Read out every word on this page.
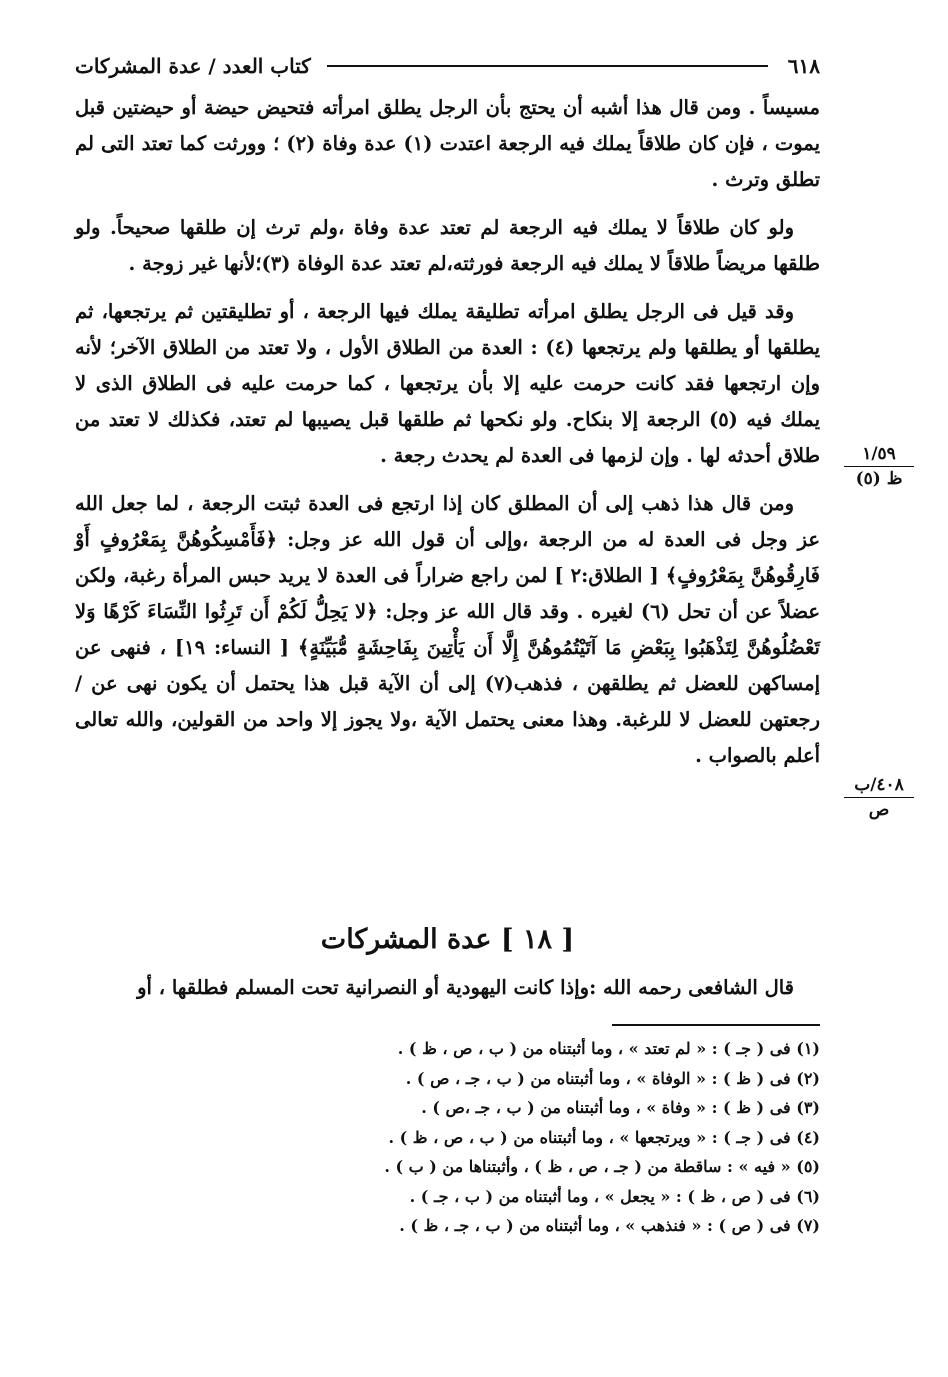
٦١٨
كتاب العدد / عدة المشركات

مسيساً . ومن قال هذا أشبه أن يحتج بأن الرجل يطلق امرأته فتحيض حيضة أو حيضتين قبل يموت ، فإن كان طلاقاً يملك فيه الرجعة اعتدت (١) عدة وفاة (٢) ؛ وورثت كما تعتد التى لم تطلق وترث .

ولو كان طلاقاً لا يملك فيه الرجعة لم تعتد عدة وفاة ،ولم ترث إن طلقها صحيحاً. ولو طلقها مريضاً طلاقاً لا يملك فيه الرجعة فورثته،لم تعتد عدة الوفاة (٣)؛لأنها غير زوجة .

وقد قيل فى الرجل يطلق امرأته تطليقة يملك فيها الرجعة ، أو تطليقتين ثم يرتجعها، ثم يطلقها أو يطلقها ولم يرتجعها (٤) : العدة من الطلاق الأول ، ولا تعتد من الطلاق الآخر؛ لأنه وإن ارتجعها فقد كانت حرمت عليه إلا بأن يرتجعها ، كما حرمت عليه فى الطلاق الذى لا يملك فيه (٥) الرجعة إلا بنكاح. ولو نكحها ثم طلقها قبل يصيبها لم تعتد، فكذلك لا تعتد من طلاق أحدثه لها . وإن لزمها فى العدة لم يحدث رجعة .

ومن قال هذا ذهب إلى أن المطلق كان إذا ارتجع فى العدة ثبتت الرجعة ، لما جعل الله عز وجل فى العدة له من الرجعة ،وإلى أن قول الله عز وجل: ﴿فَأَمْسِكُوهُنَّ بِمَعْرُوفٍ أَوْ فَارِقُوهُنَّ بِمَعْرُوفٍ﴾ [ الطلاق:٢ ] لمن راجع ضراراً فى العدة لا يريد حبس المرأة رغبة، ولكن عضلاً عن أن تحل (٦) لغيره . وقد قال الله عز وجل: ﴿لا يَحِلُّ لَكُمْ أَن تَرِثُوا النِّسَاءَ كَرْهًا وَلا تَعْضُلُوهُنَّ لِتَذْهَبُوا بِبَعْضِ مَا آتَيْتُمُوهُنَّ إِلَّا أَن يَأْتِينَ بِفَاحِشَةٍ مُّبَيِّنَةٍ﴾ [ النساء: ١٩] ، فنهى عن إمساكهن للعضل ثم يطلقهن ، فذهب(٧) إلى أن الآية قبل هذا يحتمل أن يكون نهى عن / رجعتهن للعضل لا للرغبة. وهذا معنى يحتمل الآية ،ولا يجوز إلا واحد من القولين، والله تعالى أعلم بالصواب .

١/٥٩
ظ (٥)
٤٠٨/ب
ص
[ ١٨ ] عدة المشركات
قال الشافعى رحمه الله :وإذا كانت اليهودية أو النصرانية تحت المسلم فطلقها ، أو
(١) فى ( جـ ) : « لم تعتد » ، وما أثبتناه من ( ب ، ص ، ظ ) .
(٢) فى ( ظ ) : « الوفاة » ، وما أثبتناه من ( ب ، جـ ، ص ) .
(٣) فى ( ظ ) : « وفاة » ، وما أثبتناه من ( ب ، جـ ،ص ) .
(٤) فى ( جـ ) : « ويرتجعها » ، وما أثبتناه من ( ب ، ص ، ظ ) .
(٥) « فيه » : ساقطة من ( جـ ، ص ، ظ ) ، وأثبتناها من ( ب ) .
(٦) فى ( ص ، ظ ) : « يجعل » ، وما أثبتناه من ( ب ، جـ ) .
(٧) فى ( ص ) : « فنذهب » ، وما أثبتناه من ( ب ، جـ ، ظ ) .
